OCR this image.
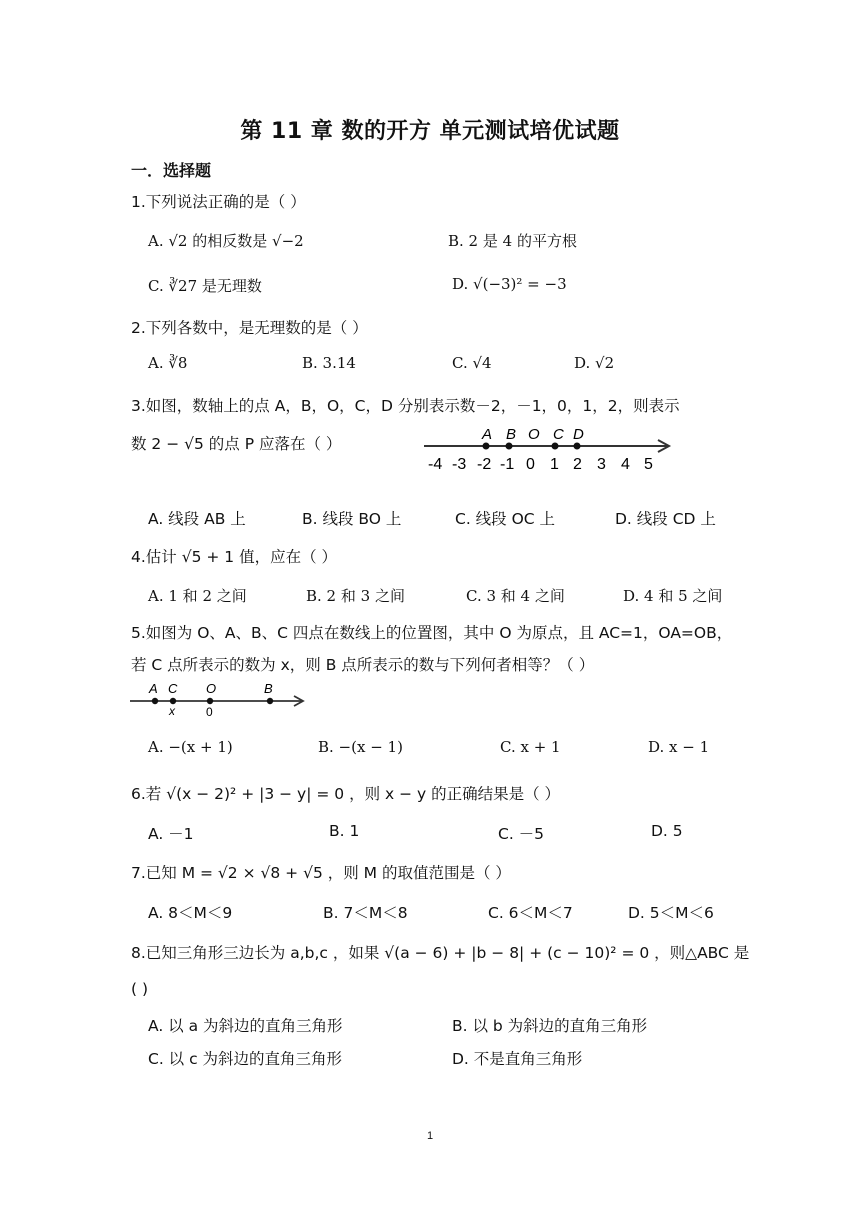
第 11 章 数的开方 单元测试培优试题
一．选择题
1.下列说法正确的是（ ）
A. √2 的相反数是 √−2	B. 2 是 4 的平方根
C. ∛27 是无理数	D. √(−3)² = −3
2.下列各数中，是无理数的是（ ）
A. ∛8	B. 3.14	C. √4	D. √2
3.如图，数轴上的点 A，B，O，C，D 分别表示数－2，－1，0，1，2，则表示
数 2 − √5 的点 P 应落在（ ）
A B O C D
-4 -3 -2 -1 0 1 2 3 4 5
A. 线段 AB 上	B. 线段 BO 上	C. 线段 OC 上	D. 线段 CD 上
4.估计 √5 + 1 值，应在（ ）
A. 1 和 2 之间	B. 2 和 3 之间	C. 3 和 4 之间	D. 4 和 5 之间
5.如图为 O、A、B、C 四点在数线上的位置图，其中 O 为原点，且 AC=1，OA=OB，
若 C 点所表示的数为 x，则 B 点所表示的数与下列何者相等？（ ）
A C O	B
x	0
A. −(x + 1)	B. −(x − 1)	C. x + 1	D. x − 1
6.若 √(x − 2)² + |3 − y| = 0 ，则 x − y 的正确结果是（ ）
A. －1	B. 1	C. －5	D. 5
7.已知 M = √2 × √8 + √5 ，则 M 的取值范围是（ ）
A. 8＜M＜9	B. 7＜M＜8	C. 6＜M＜7	D. 5＜M＜6
8.已知三角形三边长为 a,b,c ，如果 √(a − 6) + |b − 8| + (c − 10)² = 0 ，则△ABC 是
( )
A. 以 a 为斜边的直角三角形	B. 以 b 为斜边的直角三角形
C. 以 c 为斜边的直角三角形	D. 不是直角三角形
1
